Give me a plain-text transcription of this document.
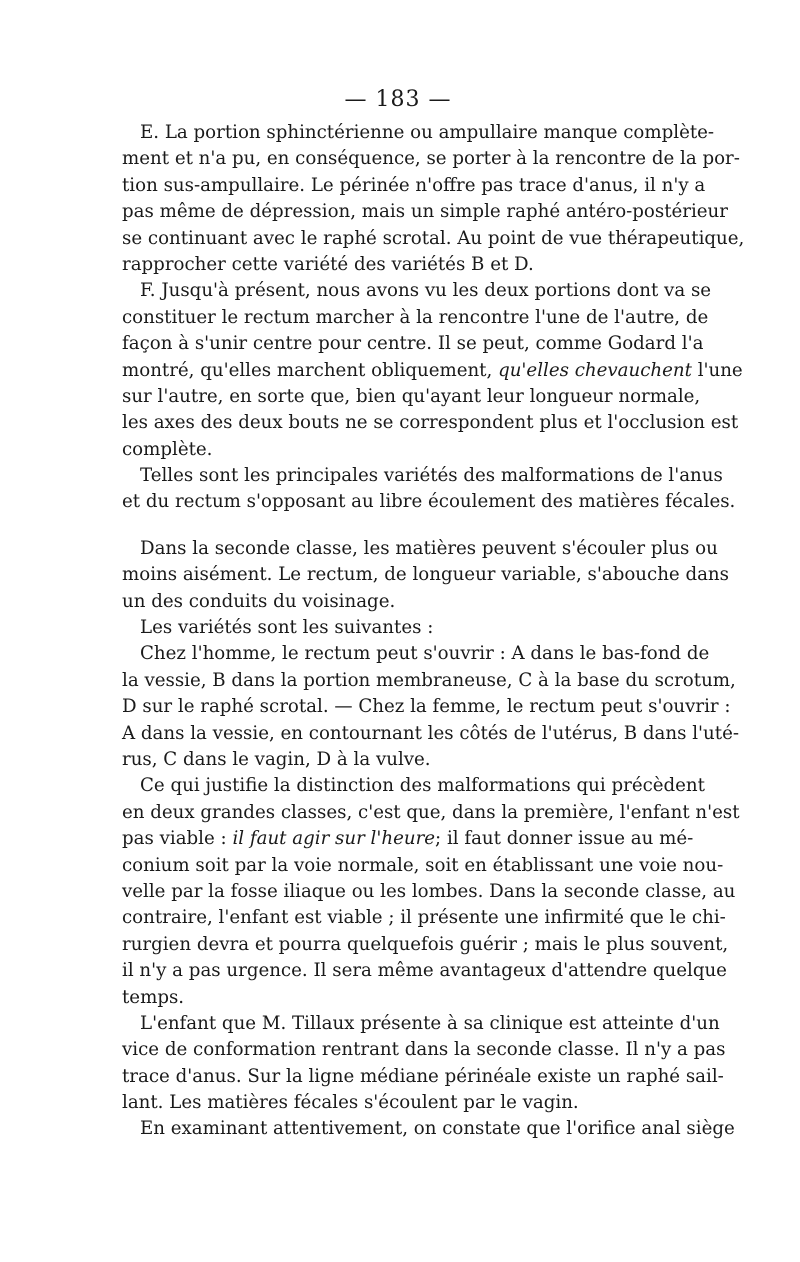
— 183 —
E. La portion sphinctérienne ou ampullaire manque complète-
ment et n'a pu, en conséquence, se porter à la rencontre de la por-
tion sus-ampullaire. Le périnée n'offre pas trace d'anus, il n'y a
pas même de dépression, mais un simple raphé antéro-postérieur
se continuant avec le raphé scrotal. Au point de vue thérapeutique,
rapprocher cette variété des variétés B et D.
F. Jusqu'à présent, nous avons vu les deux portions dont va se
constituer le rectum marcher à la rencontre l'une de l'autre, de
façon à s'unir centre pour centre. Il se peut, comme Godard l'a
montré, qu'elles marchent obliquement, qu'elles chevauchent l'une
sur l'autre, en sorte que, bien qu'ayant leur longueur normale,
les axes des deux bouts ne se correspondent plus et l'occlusion est
complète.
Telles sont les principales variétés des malformations de l'anus
et du rectum s'opposant au libre écoulement des matières fécales.
Dans la seconde classe, les matières peuvent s'écouler plus ou
moins aisément. Le rectum, de longueur variable, s'abouche dans
un des conduits du voisinage.
Les variétés sont les suivantes :
Chez l'homme, le rectum peut s'ouvrir : A dans le bas-fond de
la vessie, B dans la portion membraneuse, C à la base du scrotum,
D sur le raphé scrotal. — Chez la femme, le rectum peut s'ouvrir :
A dans la vessie, en contournant les côtés de l'utérus, B dans l'uté-
rus, C dans le vagin, D à la vulve.
Ce qui justifie la distinction des malformations qui précèdent
en deux grandes classes, c'est que, dans la première, l'enfant n'est
pas viable : il faut agir sur l'heure; il faut donner issue au mé-
conium soit par la voie normale, soit en établissant une voie nou-
velle par la fosse iliaque ou les lombes. Dans la seconde classe, au
contraire, l'enfant est viable ; il présente une infirmité que le chi-
rurgien devra et pourra quelquefois guérir ; mais le plus souvent,
il n'y a pas urgence. Il sera même avantageux d'attendre quelque
temps.
L'enfant que M. Tillaux présente à sa clinique est atteinte d'un
vice de conformation rentrant dans la seconde classe. Il n'y a pas
trace d'anus. Sur la ligne médiane périnéale existe un raphé sail-
lant. Les matières fécales s'écoulent par le vagin.
En examinant attentivement, on constate que l'orifice anal siège
